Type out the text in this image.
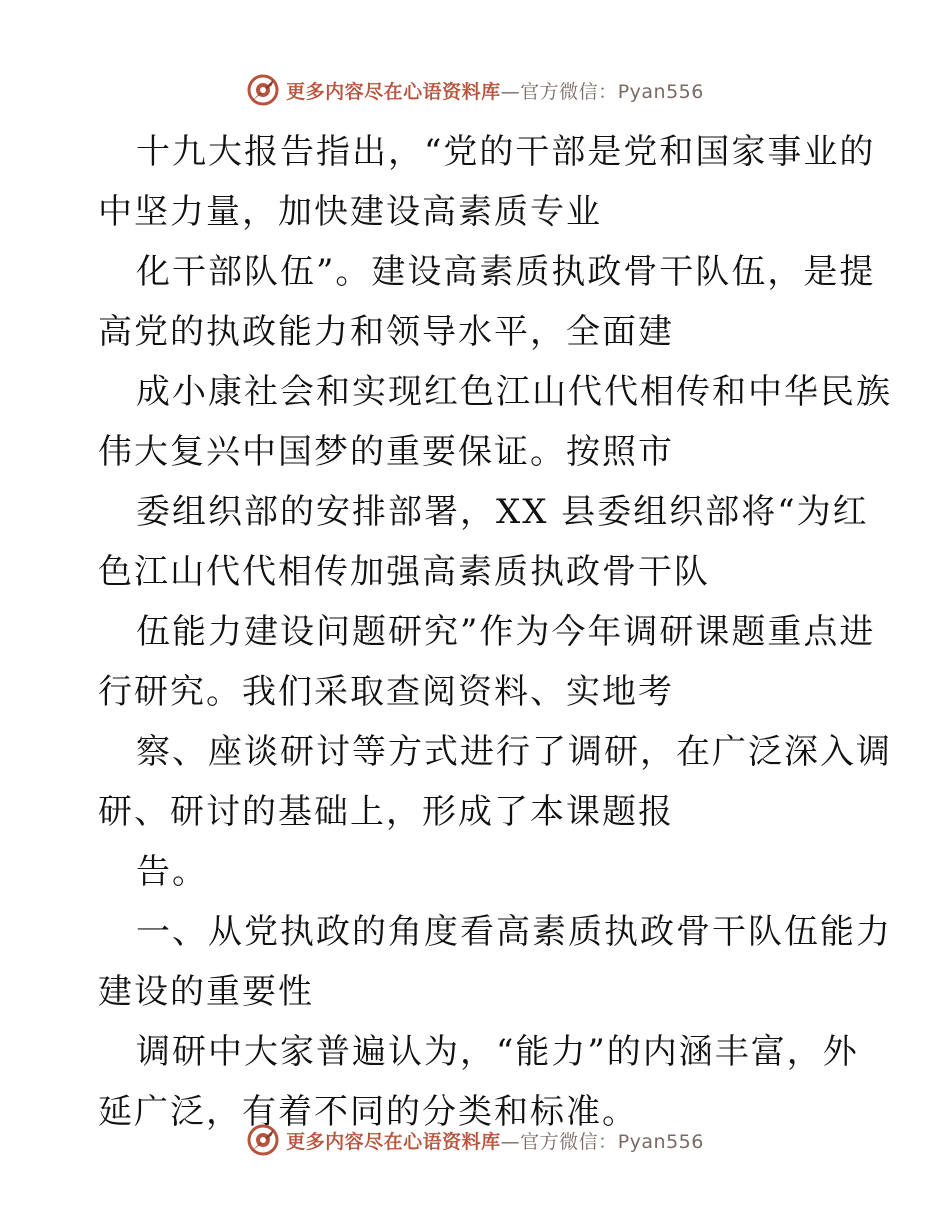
更多内容尽在心语资料库—官方微信：Pyan556
十九大报告指出，“党的干部是党和国家事业的
中坚力量，加快建设高素质专业
化干部队伍”。建设高素质执政骨干队伍，是提
高党的执政能力和领导水平，全面建
成小康社会和实现红色江山代代相传和中华民族
伟大复兴中国梦的重要保证。按照市
委组织部的安排部署，XX 县委组织部将“为红
色江山代代相传加强高素质执政骨干队
伍能力建设问题研究”作为今年调研课题重点进
行研究。我们采取查阅资料、实地考
察、座谈研讨等方式进行了调研，在广泛深入调
研、研讨的基础上，形成了本课题报
告。
一、从党执政的角度看高素质执政骨干队伍能力
建设的重要性
调研中大家普遍认为，“能力”的内涵丰富，外
延广泛，有着不同的分类和标准。
更多内容尽在心语资料库—官方微信：Pyan556
